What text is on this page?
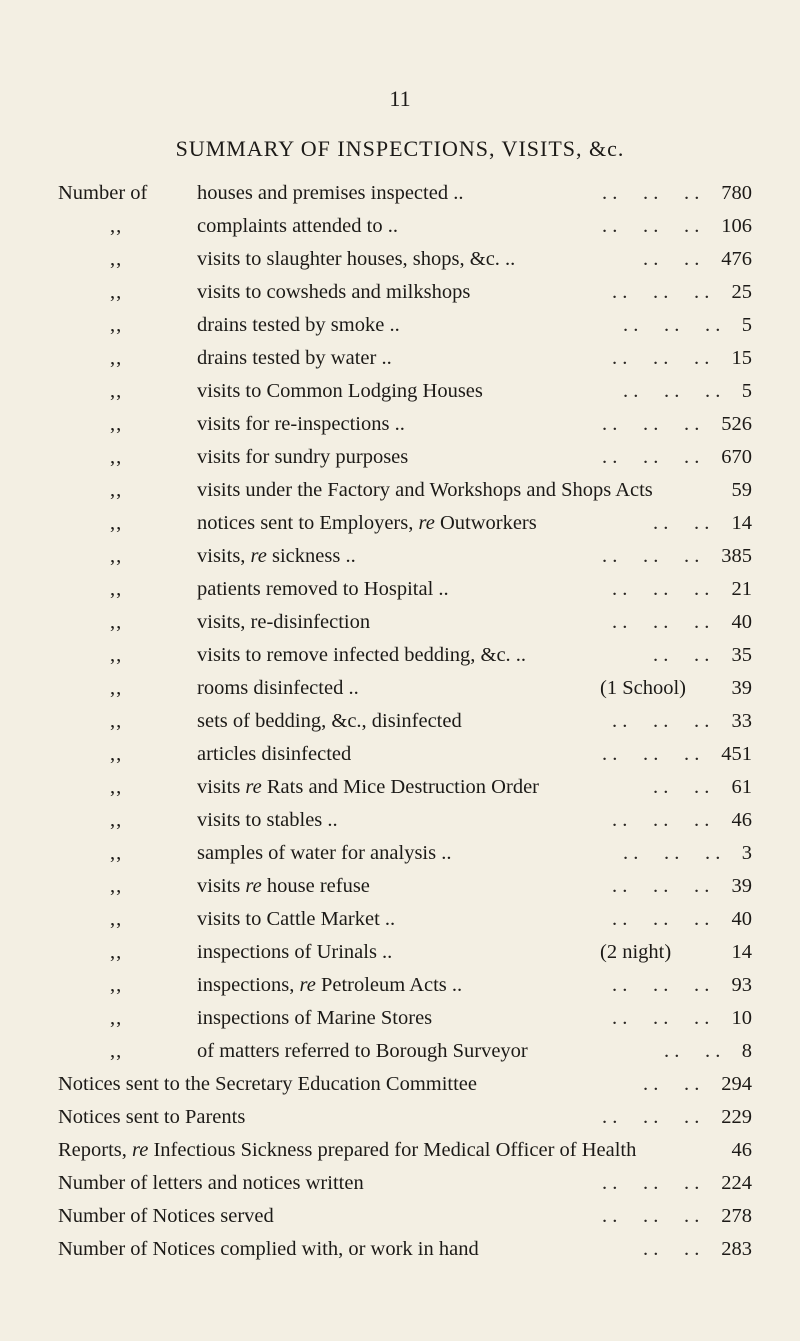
11
SUMMARY OF INSPECTIONS, VISITS, &c.
Number of houses and premises inspected ..	. .     . .     . . 780
,,	complaints attended to ..	. .     . .     . . 106
,,	visits to slaughter houses, shops, &c. ..	. .     . . 476
,,	visits to cowsheds and milkshops	. .     . .     . . 25
,,	drains tested by smoke ..	. .     . .     . . 5
,,	drains tested by water ..	. .     . .     . . 15
,,	visits to Common Lodging Houses	. .     . .     . . 5
,,	visits for re-inspections ..	. .     . .     . . 526
,,	visits for sundry purposes	. .     . .     . . 670
,,	visits under the Factory and Workshops and Shops Acts	59
,,	notices sent to Employers, re Outworkers	. .     . . 14
,,	visits, re sickness ..	. .     . .     . . 385
,,	patients removed to Hospital ..	. .     . .     . . 21
,,	visits, re-disinfection	. .     . .     . . 40
,,	visits to remove infected bedding, &c. ..	. .     . . 35
,,	rooms disinfected ..	(1 School) 39
,,	sets of bedding, &c., disinfected	. .     . .     . . 33
,,	articles disinfected	. .     . .     . . 451
,,	visits re Rats and Mice Destruction Order	. .     . . 61
,,	visits to stables ..	. .     . .     . . 46
,,	samples of water for analysis ..	. .     . .     . . 3
,,	visits re house refuse	. .     . .     . . 39
,,	visits to Cattle Market ..	. .     . .     . . 40
,,	inspections of Urinals ..	(2 night)	14
,,	inspections, re Petroleum Acts ..	. .     . .     . . 93
,,	inspections of Marine Stores	. .     . .     . . 10
,,	of matters referred to Borough Surveyor	. .     . . 8
Notices sent to the Secretary Education Committee	. .     . . 294
Notices sent to Parents	. .     . .     . . 229
Reports, re Infectious Sickness prepared for Medical Officer of Health	46
Number of letters and notices written	. .     . .     . . 224
Number of Notices served	. .     . .     . . 278
Number of Notices complied with, or work in hand	. .     . . 283
